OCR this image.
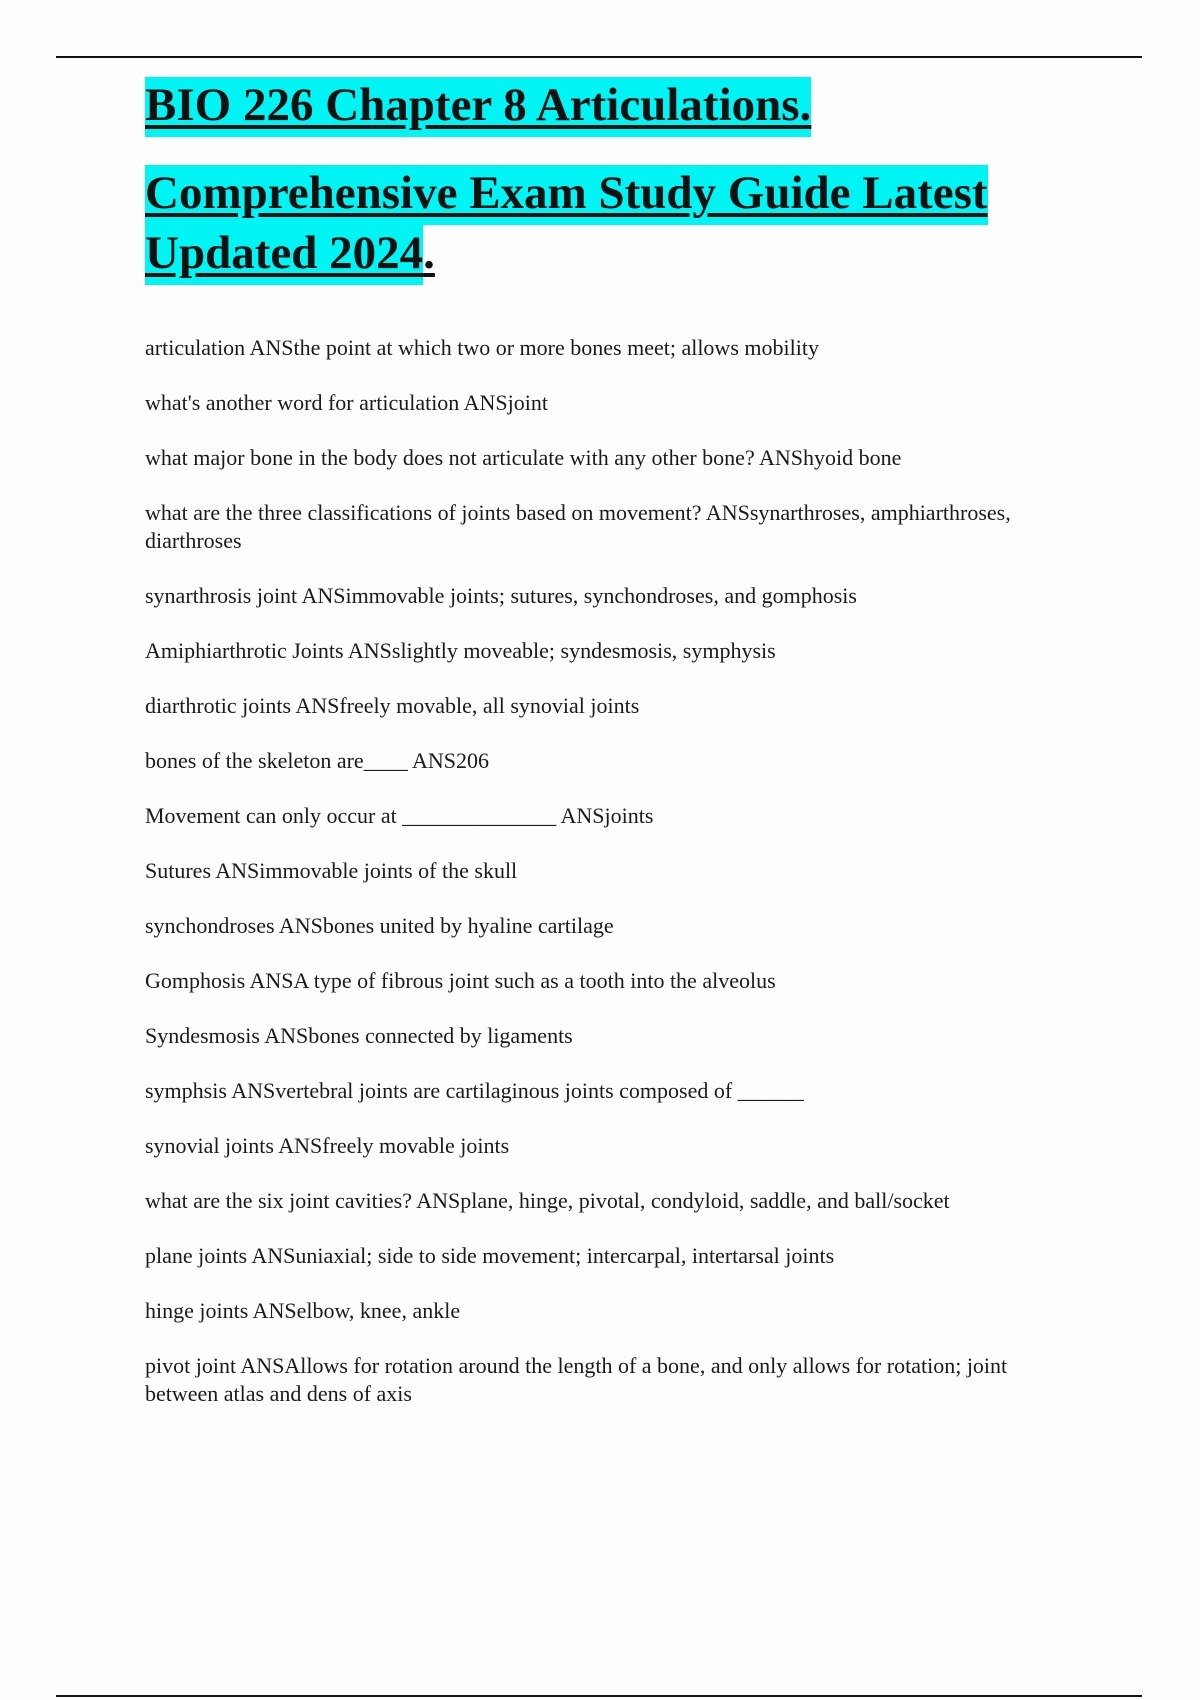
BIO 226 Chapter 8 Articulations.
Comprehensive Exam Study Guide Latest
Updated 2024.
articulation ANSthe point at which two or more bones meet; allows mobility
what's another word for articulation ANSjoint
what major bone in the body does not articulate with any other bone? ANShyoid bone
what are the three classifications of joints based on movement? ANSsynarthroses, amphiarthroses, diarthroses
synarthrosis joint ANSimmovable joints; sutures, synchondroses, and gomphosis
Amiphiarthrotic Joints ANSslightly moveable; syndesmosis, symphysis
diarthrotic joints ANSfreely movable, all synovial joints
bones of the skeleton are____ ANS206
Movement can only occur at ______________ ANSjoints
Sutures ANSimmovable joints of the skull
synchondroses ANSbones united by hyaline cartilage
Gomphosis ANSA type of fibrous joint such as a tooth into the alveolus
Syndesmosis ANSbones connected by ligaments
symphsis ANSvertebral joints are cartilaginous joints composed of ______
synovial joints ANSfreely movable joints
what are the six joint cavities? ANSplane, hinge, pivotal, condyloid, saddle, and ball/socket
plane joints ANSuniaxial; side to side movement; intercarpal, intertarsal joints
hinge joints ANSelbow, knee, ankle
pivot joint ANSAllows for rotation around the length of a bone, and only allows for rotation; joint between atlas and dens of axis
